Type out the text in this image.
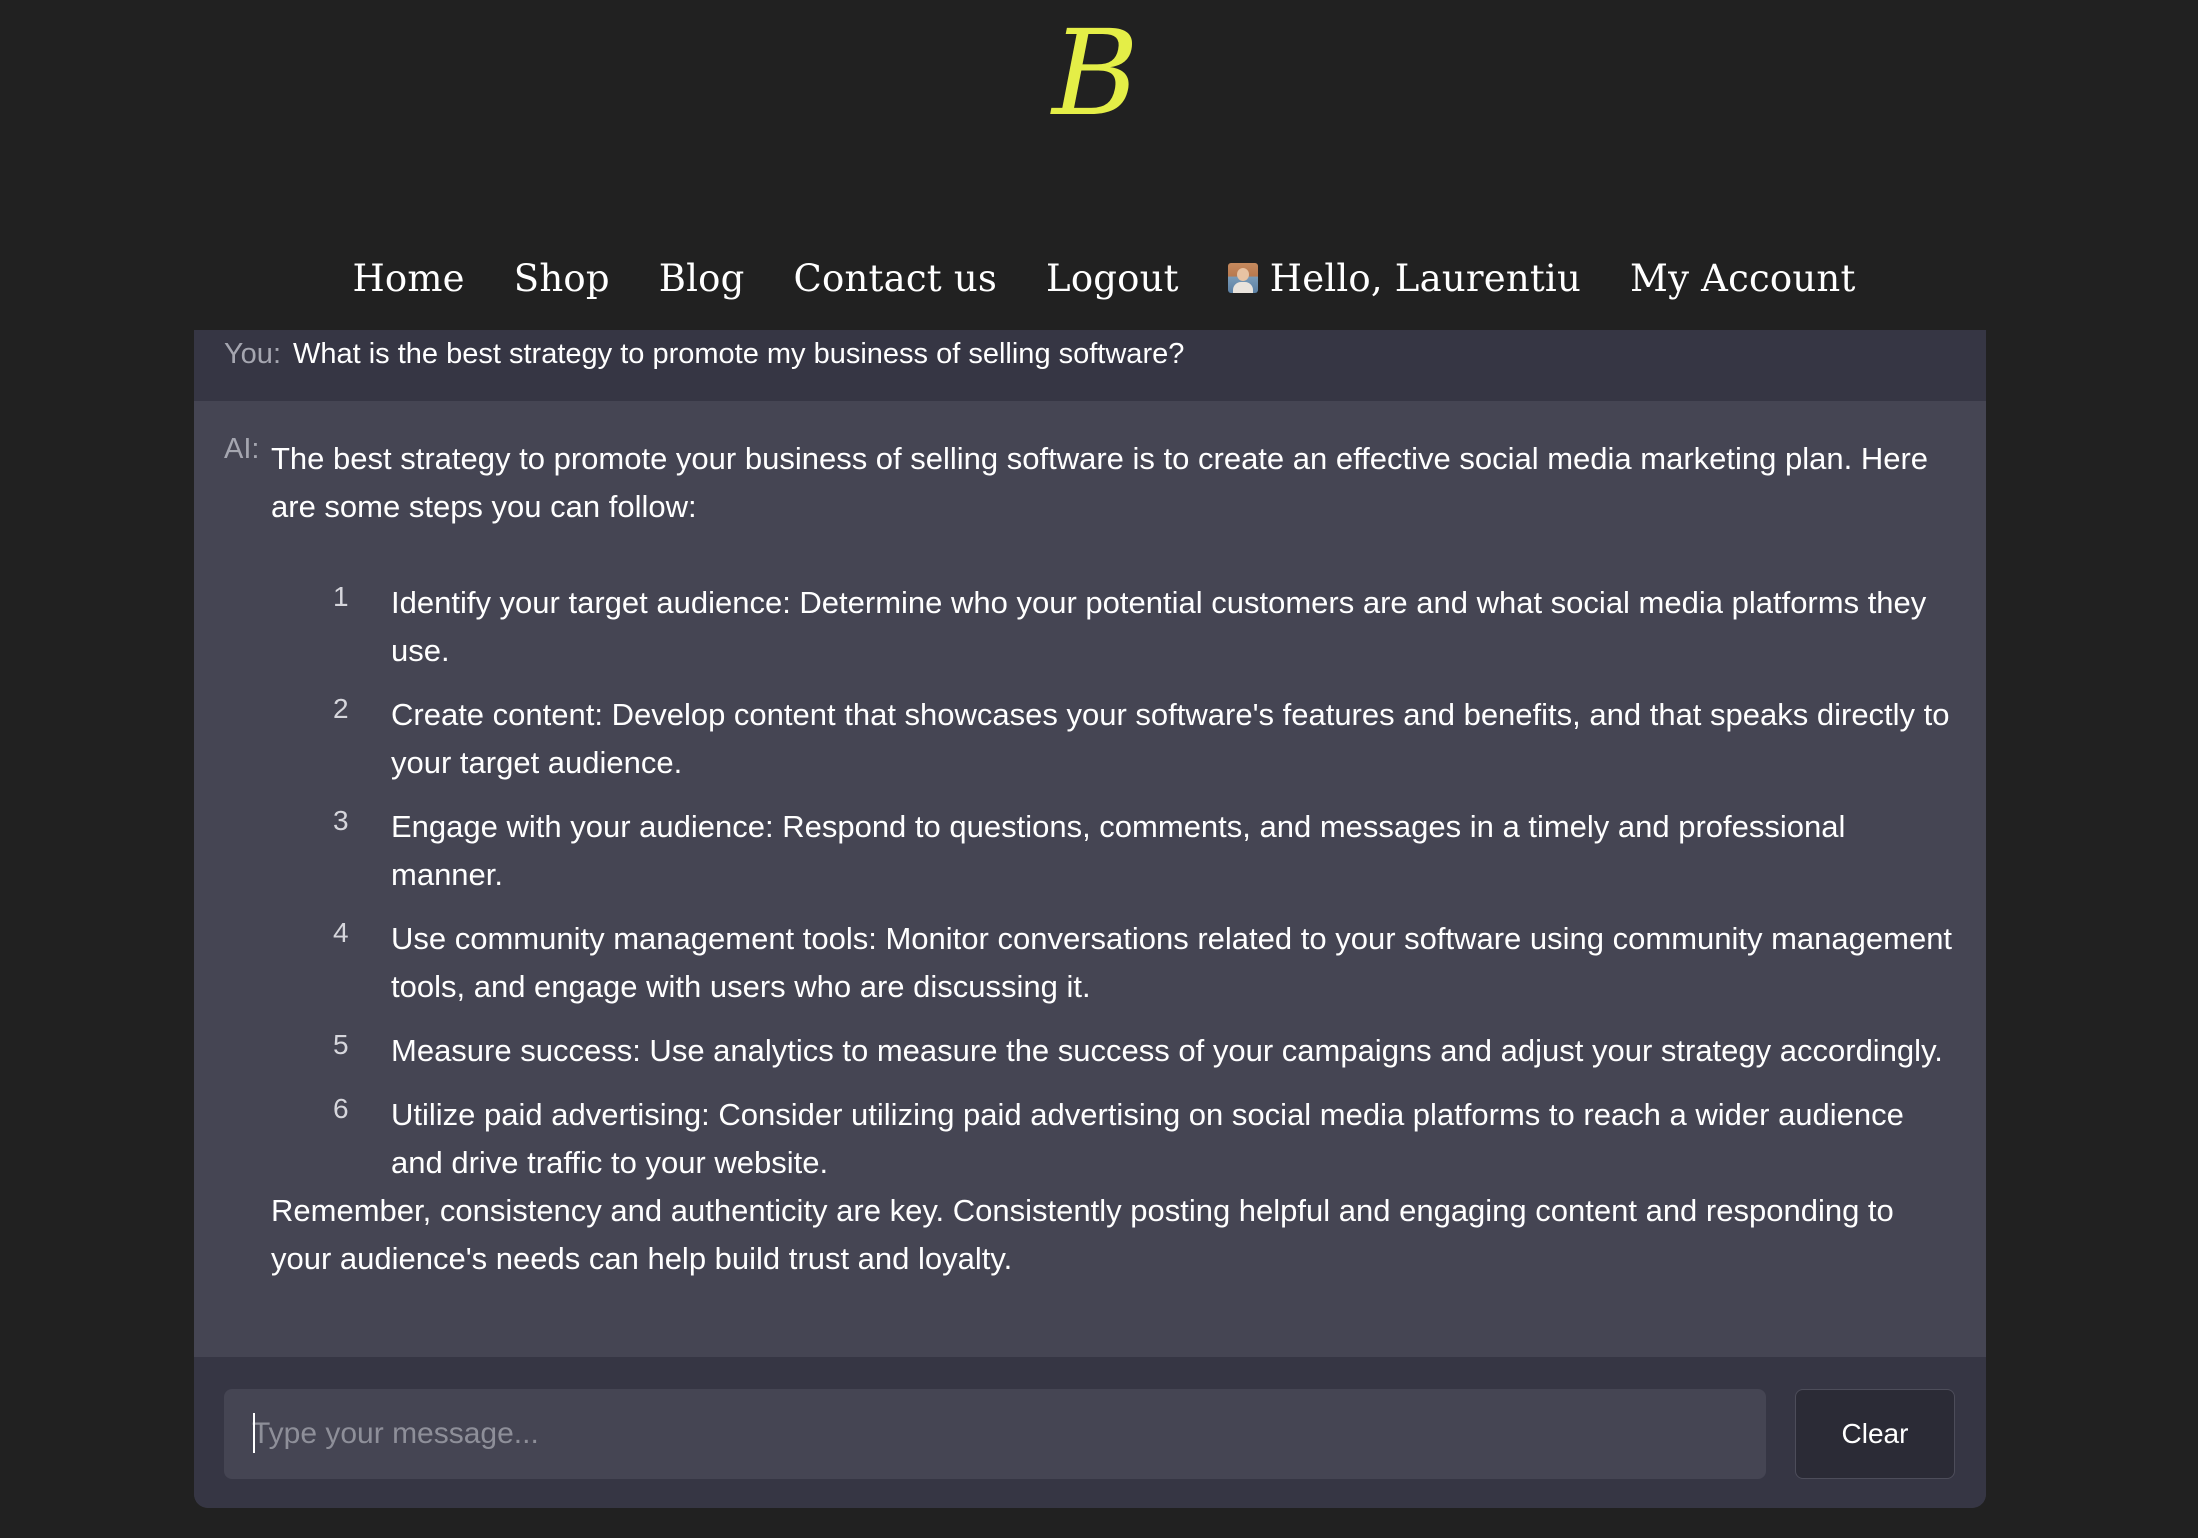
B
Home Shop Blog Contact us Logout Hello, Laurentiu My Account
You: What is the best strategy to promote my business of selling software?
AI: The best strategy to promote your business of selling software is to create an effective social media marketing plan. Here are some steps you can follow:

1 Identify your target audience: Determine who your potential customers are and what social media platforms they use.
2 Create content: Develop content that showcases your software's features and benefits, and that speaks directly to your target audience.
3 Engage with your audience: Respond to questions, comments, and messages in a timely and professional manner.
4 Use community management tools: Monitor conversations related to your software using community management tools, and engage with users who are discussing it.
5 Measure success: Use analytics to measure the success of your campaigns and adjust your strategy accordingly.
6 Utilize paid advertising: Consider utilizing paid advertising on social media platforms to reach a wider audience and drive traffic to your website.

Remember, consistency and authenticity are key. Consistently posting helpful and engaging content and responding to your audience's needs can help build trust and loyalty.

Type your message...
Clear
